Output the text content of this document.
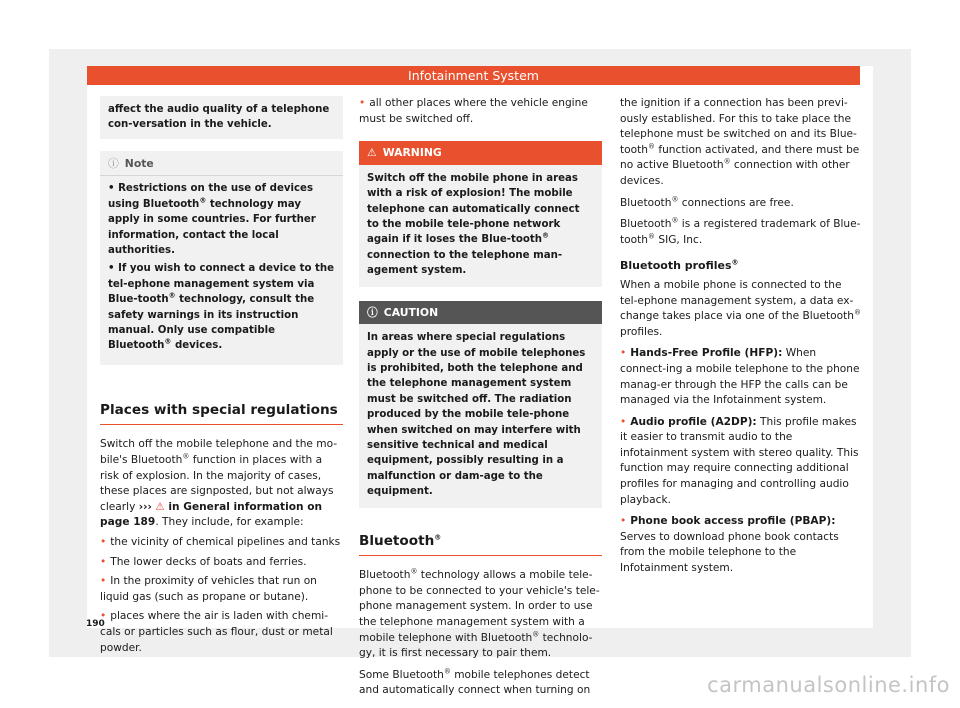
Infotainment System

affect the audio quality of a telephone con-versation in the vehicle.

ⓘ Note
• Restrictions on the use of devices using Bluetooth® technology may apply in some countries. For further information, contact the local authorities.
• If you wish to connect a device to the tel-ephone management system via Blue-tooth® technology, consult the safety warnings in its instruction manual. Only use compatible Bluetooth® devices.
Places with special regulations

Switch off the mobile telephone and the mo-bile's Bluetooth® function in places with a risk of explosion. In the majority of cases, these places are signposted, but not always clearly ››› ⚠ in General information on page 189. They include, for example:

• the vicinity of chemical pipelines and tanks
• The lower decks of boats and ferries.
• In the proximity of vehicles that run on liquid gas (such as propane or butane).
• places where the air is laden with chemi-cals or particles such as flour, dust or metal powder.
• all other places where the vehicle engine must be switched off.
⚠ WARNING
Switch off the mobile phone in areas with a risk of explosion! The mobile telephone can automatically connect to the mobile tele-phone network again if it loses the Blue-tooth® connection to the telephone man-agement system.
ⓘ CAUTION
In areas where special regulations apply or the use of mobile telephones is prohibited, both the telephone and the telephone management system must be switched off. The radiation produced by the mobile tele-phone when switched on may interfere with sensitive technical and medical equipment, possibly resulting in a malfunction or dam-age to the equipment.
Bluetooth®

Bluetooth® technology allows a mobile tele-phone to be connected to your vehicle's tele-phone management system. In order to use the telephone management system with a mobile telephone with Bluetooth® technolo-gy, it is first necessary to pair them.

Some Bluetooth® mobile telephones detect and automatically connect when turning on

the ignition if a connection has been previ-ously established. For this to take place the telephone must be switched on and its Blue-tooth® function activated, and there must be no active Bluetooth® connection with other devices.

Bluetooth® connections are free.

Bluetooth® is a registered trademark of Blue-tooth® SIG, Inc.

Bluetooth profiles®

When a mobile phone is connected to the tel-ephone management system, a data ex-change takes place via one of the Bluetooth® profiles.

• Hands-Free Profile (HFP): When connect-ing a mobile telephone to the phone manag-er through the HFP the calls can be managed via the Infotainment system.
• Audio profile (A2DP): This profile makes it easier to transmit audio to the infotainment system with stereo quality. This function may require connecting additional profiles for managing and controlling audio playback.
• Phone book access profile (PBAP): Serves to download phone book contacts from the mobile telephone to the Infotainment system.
190
carmanualsonline.info
